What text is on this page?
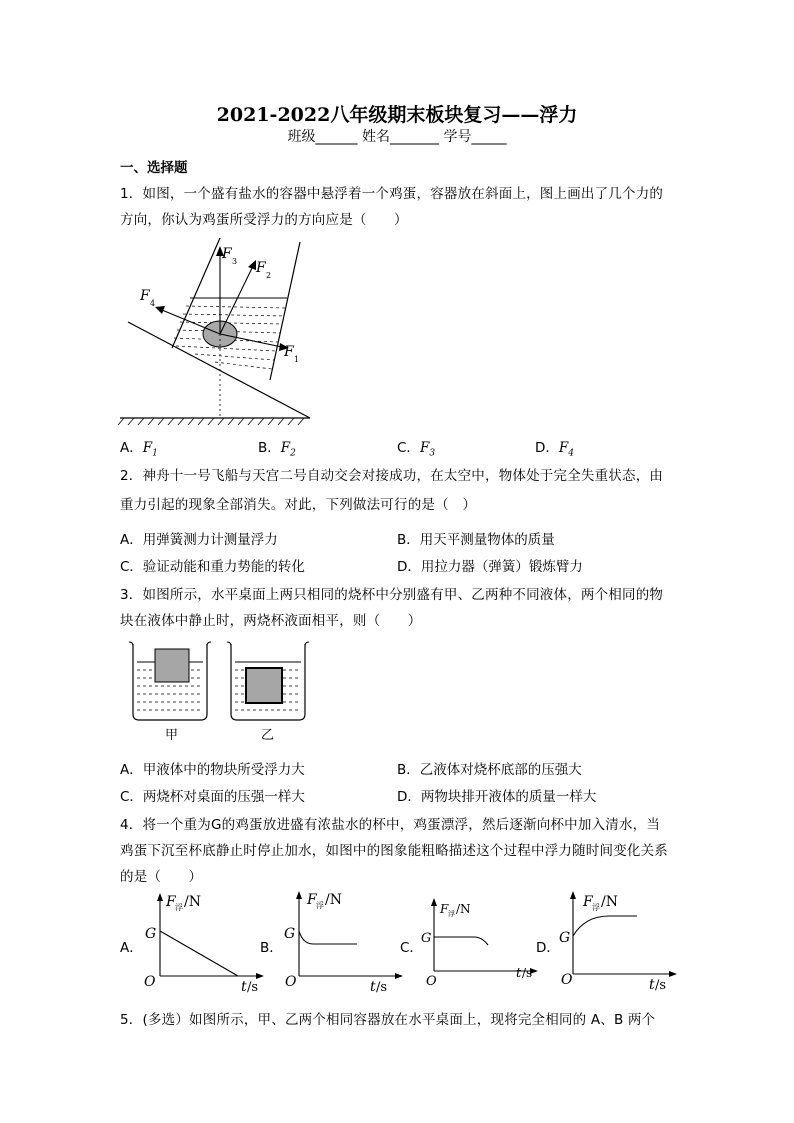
2021-2022八年级期末板块复习——浮力
班级______ 姓名_______ 学号_____
一、选择题
1．如图，一个盛有盐水的容器中悬浮着一个鸡蛋，容器放在斜面上，图上画出了几个力的
方向，你认为鸡蛋所受浮力的方向应是（　　）
F 3 F 2
F 4
F 1
A．$F_1$	B．$F_2$	C．$F_3$	D．$F_4$
2．神舟十一号飞船与天宫二号自动交会对接成功，在太空中，物体处于完全失重状态，由
重力引起的现象全部消失。对此，下列做法可行的是（　）
A．用弹簧测力计测量浮力	B．用天平测量物体的质量
C．验证动能和重力势能的转化	D．用拉力器（弹簧）锻炼臂力
3．如图所示，水平桌面上两只相同的烧杯中分别盛有甲、乙两种不同液体，两个相同的物
块在液体中静止时，两烧杯液面相平，则（　　）
甲	乙
A．甲液体中的物块所受浮力大	B．乙液体对烧杯底部的压强大
C．两烧杯对桌面的压强一样大	D．两物块排开液体的质量一样大
4．将一个重为G的鸡蛋放进盛有浓盐水的杯中，鸡蛋漂浮，然后逐渐向杯中加入清水，当
鸡蛋下沉至杯底静止时停止加水，如图中的图象能粗略描述这个过程中浮力随时间变化关系
的是（　　）
A．
F 浮 /N
G
O	t /s
B．
F 浮 /N
G
O	t /s
C．
F 浮 /N
G
O
t /s
D．
F 浮 /N
G
O	t /s
5．(多选）如图所示，甲、乙两个相同容器放在水平桌面上，现将完全相同的 A、B 两个
